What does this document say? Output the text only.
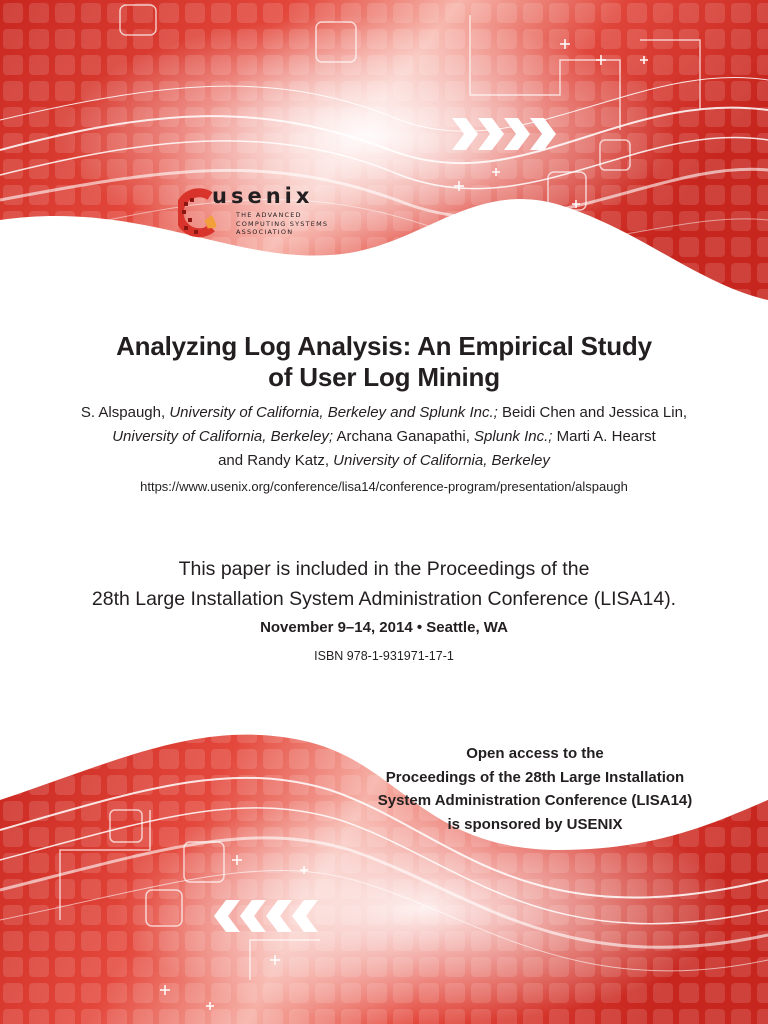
usenix
THE ADVANCED
COMPUTING SYSTEMS
ASSOCIATION
Analyzing Log Analysis: An Empirical Study
of User Log Mining
S. Alspaugh, University of California, Berkeley and Splunk Inc.; Beidi Chen and Jessica Lin,
University of California, Berkeley; Archana Ganapathi, Splunk Inc.; Marti A. Hearst
and Randy Katz, University of California, Berkeley
https://www.usenix.org/conference/lisa14/conference-program/presentation/alspaugh
This paper is included in the Proceedings of the
28th Large Installation System Administration Conference (LISA14).
November 9–14, 2014 • Seattle, WA
ISBN 978-1-931971-17-1
Open access to the
Proceedings of the 28th Large Installation
System Administration Conference (LISA14)
is sponsored by USENIX
